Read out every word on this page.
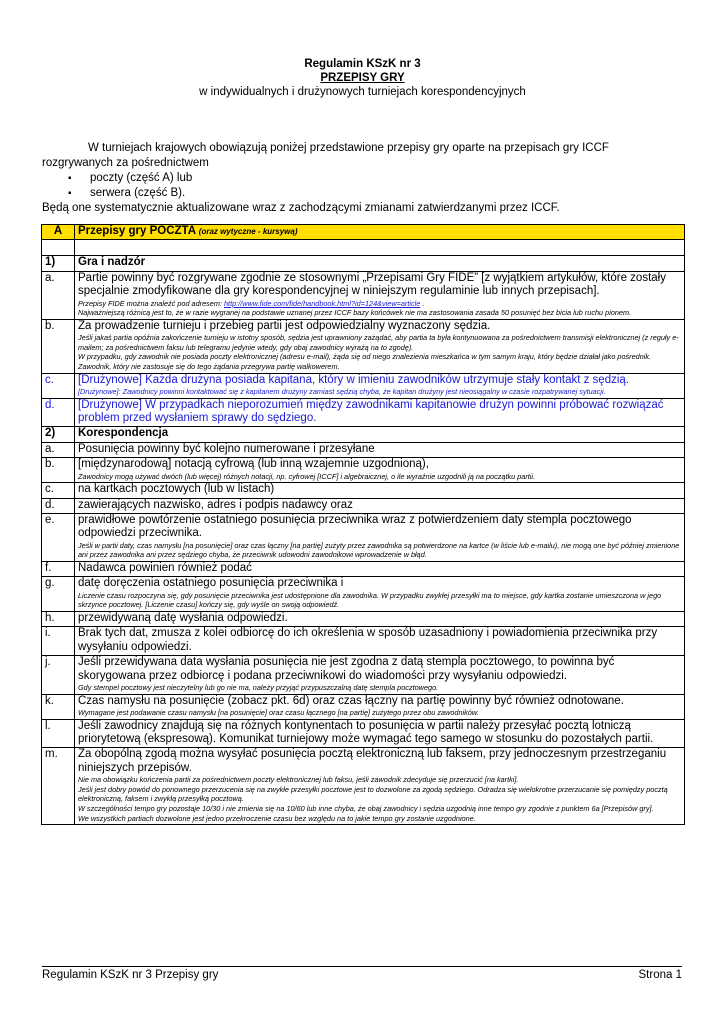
Regulamin KSzK nr 3
PRZEPISY GRY
w indywidualnych i drużynowych turniejach korespondencyjnych

W turniejach krajowych obowiązują poniżej przedstawione przepisy gry oparte na przepisach gry ICCF rozgrywanych za pośrednictwem

▪ poczty (część A) lub

▪ serwera (część B).

Będą one systematycznie aktualizowane wraz z zachodzącymi zmianami zatwierdzanymi przez ICCF.

A	Przepisy gry POCZTA (oraz wytyczne - kursywą)

1)	Gra i nadzór
a.	Partie powinny być rozgrywane zgodnie ze stosownymi „Przepisami Gry FIDE” [z wyjątkiem artykułów, które zostały specjalnie zmodyfikowane dla gry korespondencyjnej w niniejszym regulaminie lub innych przepisach].
Przepisy FIDE można znaleźć pod adresem: http://www.fide.com/fide/handbook.html?id=124&view=article .
Najważniejszą różnicą jest to, że w razie wygranej na podstawie uznanej przez ICCF bazy końcówek nie ma zastosowania zasada 50 posunięć bez bicia lub ruchu pionem.

b.	Za prowadzenie turnieju i przebieg partii jest odpowiedzialny wyznaczony sędzia.
Jeśli jakaś partia opóźnia zakończenie turnieju w istotny sposób, sędzia jest uprawniony zażądać, aby partia ta była kontynuowana za pośrednictwem transmisji elektronicznej (z reguły e-mailem; za pośrednictwem faksu lub telegramu jedynie wtedy, gdy obaj zawodnicy wyrażą na to zgodę).
W przypadku, gdy zawodnik nie posiada poczty elektronicznej (adresu e-mail), żąda się od niego znalezienia mieszkańca w tym samym kraju, który będzie działał jako pośrednik.
Zawodnik, który nie zastosuje się do tego żądania przegrywa partię walkowerem.

c.	[Drużynowe] Każda drużyna posiada kapitana, który w imieniu zawodników utrzymuje stały kontakt z sędzią.
[Drużynowe]: Zawodnicy powinni kontaktować się z kapitanem drużyny zamiast sędzią chyba, że kapitan drużyny jest nieosiągalny w czasie rozpatrywanej sytuacji.

d.	[Drużynowe] W przypadkach nieporozumień między zawodnikami kapitanowie drużyn powinni próbować rozwiązać problem przed wysłaniem sprawy do sędziego.
2)	Korespondencja
a.	Posunięcia powinny być kolejno numerowane i przesyłane
b.	[międzynarodową] notacją cyfrową (lub inną wzajemnie uzgodnioną),
Zawodnicy mogą używać dwóch (lub więcej) różnych notacji, np. cyfrowej [ICCF] i algebraicznej, o ile wyraźnie uzgodnili ją na początku partii.

c.	na kartkach pocztowych (lub w listach)
d.	zawierających nazwisko, adres i podpis nadawcy oraz
e.	prawidłowe powtórzenie ostatniego posunięcia przeciwnika wraz z potwierdzeniem daty stempla pocztowego odpowiedzi przeciwnika.
Jeśli w partii daty, czas namysłu [na posunięcie] oraz czas łączny [na partię] zużyty przez zawodnika są potwierdzone na kartce (w liście lub e-mailu), nie mogą one być później zmienione ani przez zawodnika ani przez sędziego chyba, że przeciwnik udowodni zawodnikowi wprowadzenie w błąd.

f.	Nadawca powinien również podać
g.	datę doręczenia ostatniego posunięcia przeciwnika i
Liczenie czasu rozpoczyna się, gdy posunięcie przeciwnika jest udostępnione dla zawodnika. W przypadku zwykłej przesyłki ma to miejsce, gdy kartka zostanie umieszczona w jego skrzynce pocztowej. [Liczenie czasu] kończy się, gdy wyśle on swoją odpowiedź.

h.	przewidywaną datę wysłania odpowiedzi.
i.	Brak tych dat, zmusza z kolei odbiorcę do ich określenia w sposób uzasadniony i powiadomienia przeciwnika przy wysyłaniu odpowiedzi.
j.	Jeśli przewidywana data wysłania posunięcia nie jest zgodna z datą stempla pocztowego, to powinna być skorygowana przez odbiorcę i podana przeciwnikowi do wiadomości przy wysyłaniu odpowiedzi.
Gdy stempel pocztowy jest nieczytelny lub go nie ma, należy przyjąć przypuszczalną datę stempla pocztowego.

k.	Czas namysłu na posunięcie (zobacz pkt. 6d) oraz czas łączny na partię powinny być również odnotowane.
Wymagane jest podawanie czasu namysłu [na posunięcie] oraz czasu łącznego [na partię] zużytego przez obu zawodników.

l.	Jeśli zawodnicy znajdują się na różnych kontynentach to posunięcia w partii należy przesyłać pocztą lotniczą priorytetową (ekspresową). Komunikat turniejowy może wymagać tego samego w stosunku do pozostałych partii.
m.	Za obopólną zgodą można wysyłać posunięcia pocztą elektroniczną lub faksem, przy jednoczesnym przestrzeganiu niniejszych przepisów.
Nie ma obowiązku kończenia partii za pośrednictwem poczty elektronicznej lub faksu, jeśli zawodnik zdecyduje się przerzucić [na kartki].
Jeśli jest dobry powód do ponownego przerzucenia się na zwykłe przesyłki pocztowe jest to dozwolone za zgodą sędziego. Odradza się wielokrotne przerzucanie się pomiędzy pocztą elektroniczną, faksem i zwykłą przesyłką pocztową.
W szczególności tempo gry pozostaje 10/30 i nie zmienia się na 10/60 lub inne chyba, że obaj zawodnicy i sędzia uzgodnią inne tempo gry zgodnie z punktem 6a [Przepisów gry].
We wszystkich partiach dozwolone jest jedno przekroczenie czasu bez względu na to jakie tempo gry zostanie uzgodnione.
Regulamin KSzK nr 3 Przepisy gry	Strona 1
